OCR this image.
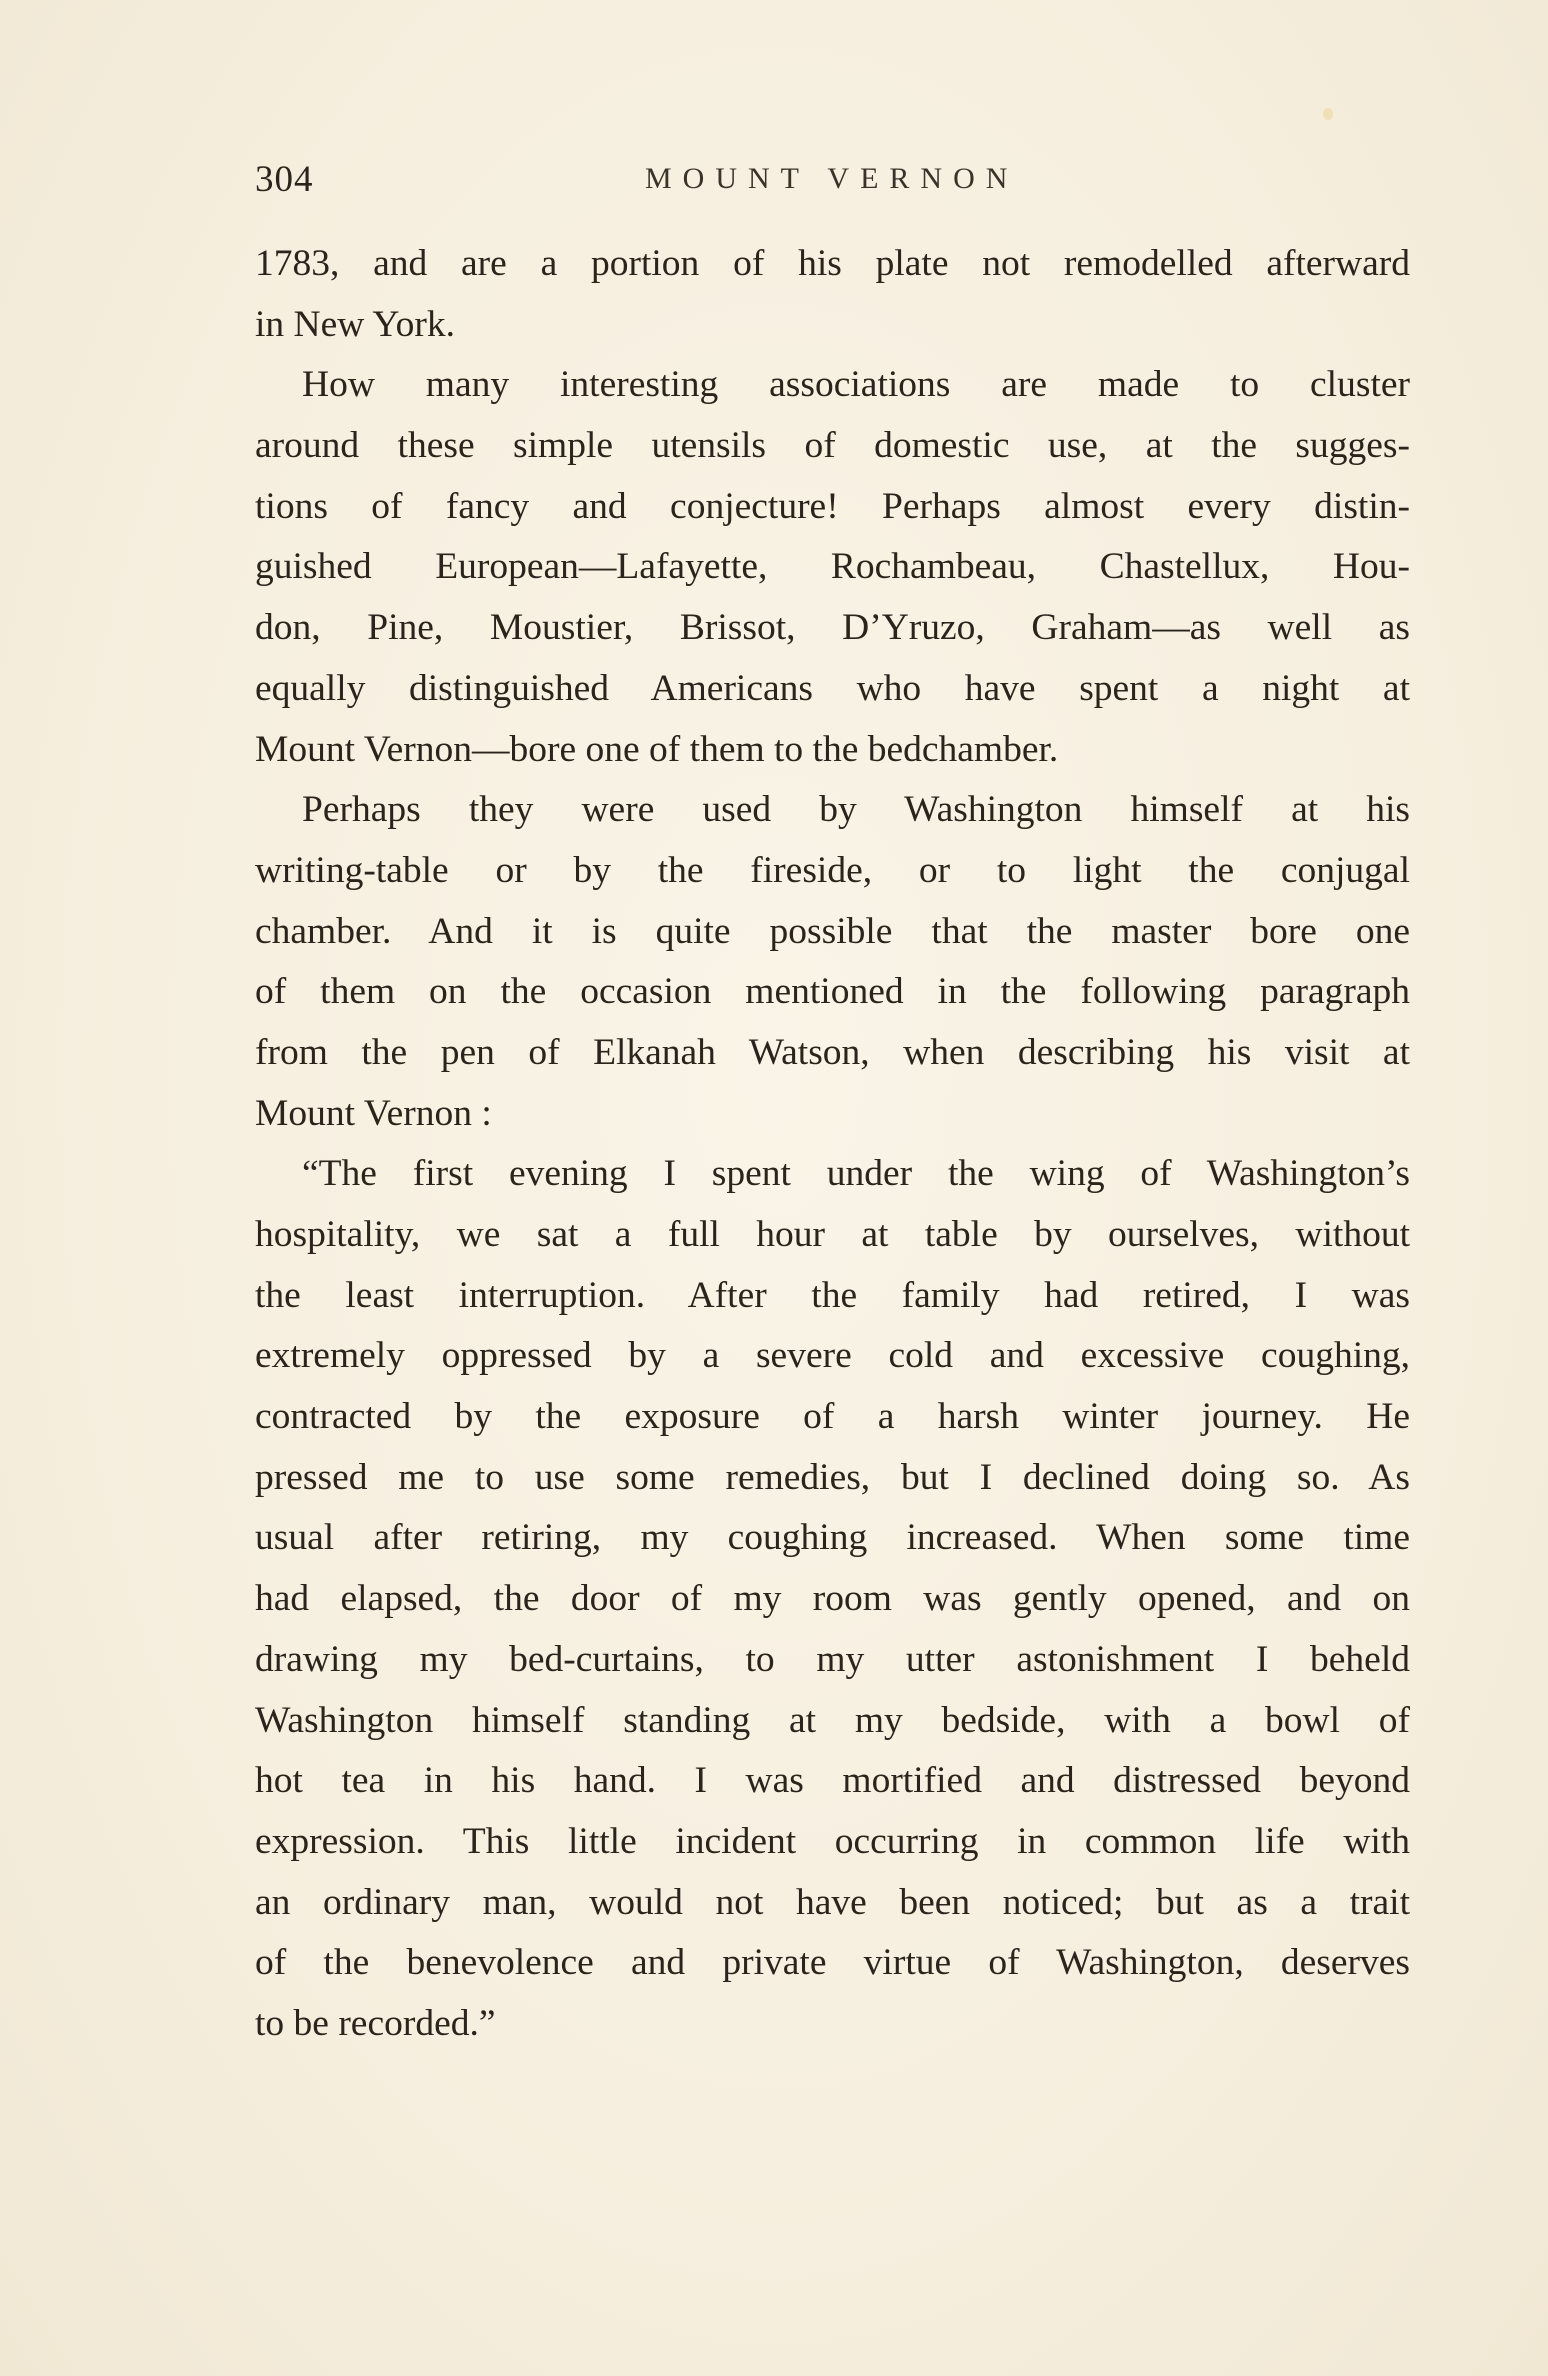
304	MOUNT VERNON
1783, and are a portion of his plate not remodelled afterward
in New York.
How many interesting associations are made to cluster
around these simple utensils of domestic use, at the sugges-
tions of fancy and conjecture! Perhaps almost every distin-
guished European—Lafayette, Rochambeau, Chastellux, Hou-
don, Pine, Moustier, Brissot, D’Yruzo, Graham—as well as
equally distinguished Americans who have spent a night at
Mount Vernon—bore one of them to the bedchamber.
Perhaps they were used by Washington himself at his
writing-table or by the fireside, or to light the conjugal
chamber. And it is quite possible that the master bore one
of them on the occasion mentioned in the following paragraph
from the pen of Elkanah Watson, when describing his visit at
Mount Vernon :
“The first evening I spent under the wing of Washington’s
hospitality, we sat a full hour at table by ourselves, without
the least interruption. After the family had retired, I was
extremely oppressed by a severe cold and excessive coughing,
contracted by the exposure of a harsh winter journey. He
pressed me to use some remedies, but I declined doing so. As
usual after retiring, my coughing increased. When some time
had elapsed, the door of my room was gently opened, and on
drawing my bed-curtains, to my utter astonishment I beheld
Washington himself standing at my bedside, with a bowl of
hot tea in his hand. I was mortified and distressed beyond
expression. This little incident occurring in common life with
an ordinary man, would not have been noticed; but as a trait
of the benevolence and private virtue of Washington, deserves
to be recorded.”
